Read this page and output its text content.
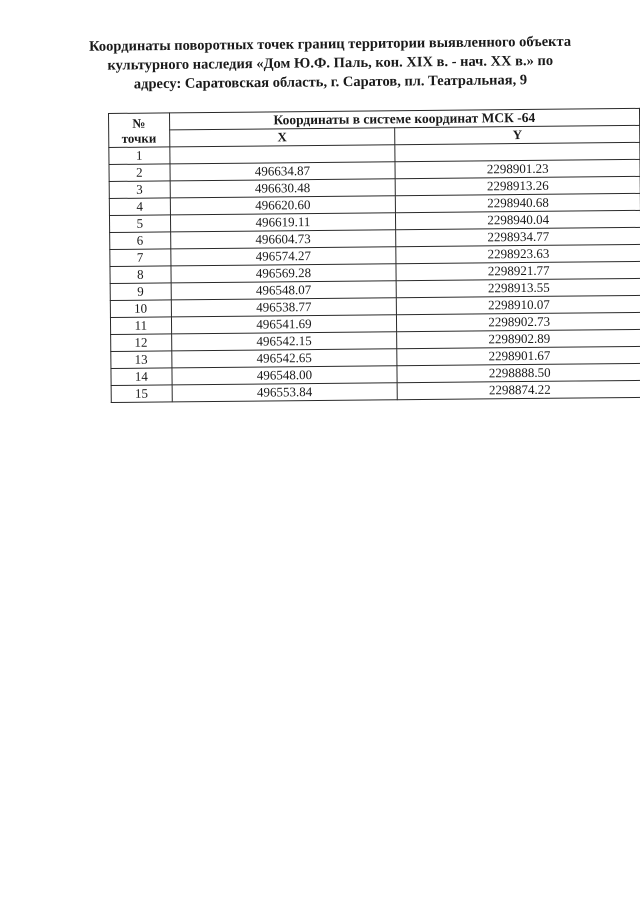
Координаты поворотных точек границ территории выявленного объекта
культурного наследия «Дом Ю.Ф. Паль, кон. XIX в. - нач. XX в.» по
адресу: Саратовская область, г. Саратов, пл. Театральная, 9
№
точки	Координаты в системе координат МСК -64	
	X	Y
1		
2	496634.87	2298901.23
3	496630.48	2298913.26
4	496620.60	2298940.68
5	496619.11	2298940.04
6	496604.73	2298934.77
7	496574.27	2298923.63
8	496569.28	2298921.77
9	496548.07	2298913.55
10	496538.77	2298910.07
11	496541.69	2298902.73
12	496542.15	2298902.89
13	496542.65	2298901.67
14	496548.00	2298888.50
15	496553.84	2298874.22
